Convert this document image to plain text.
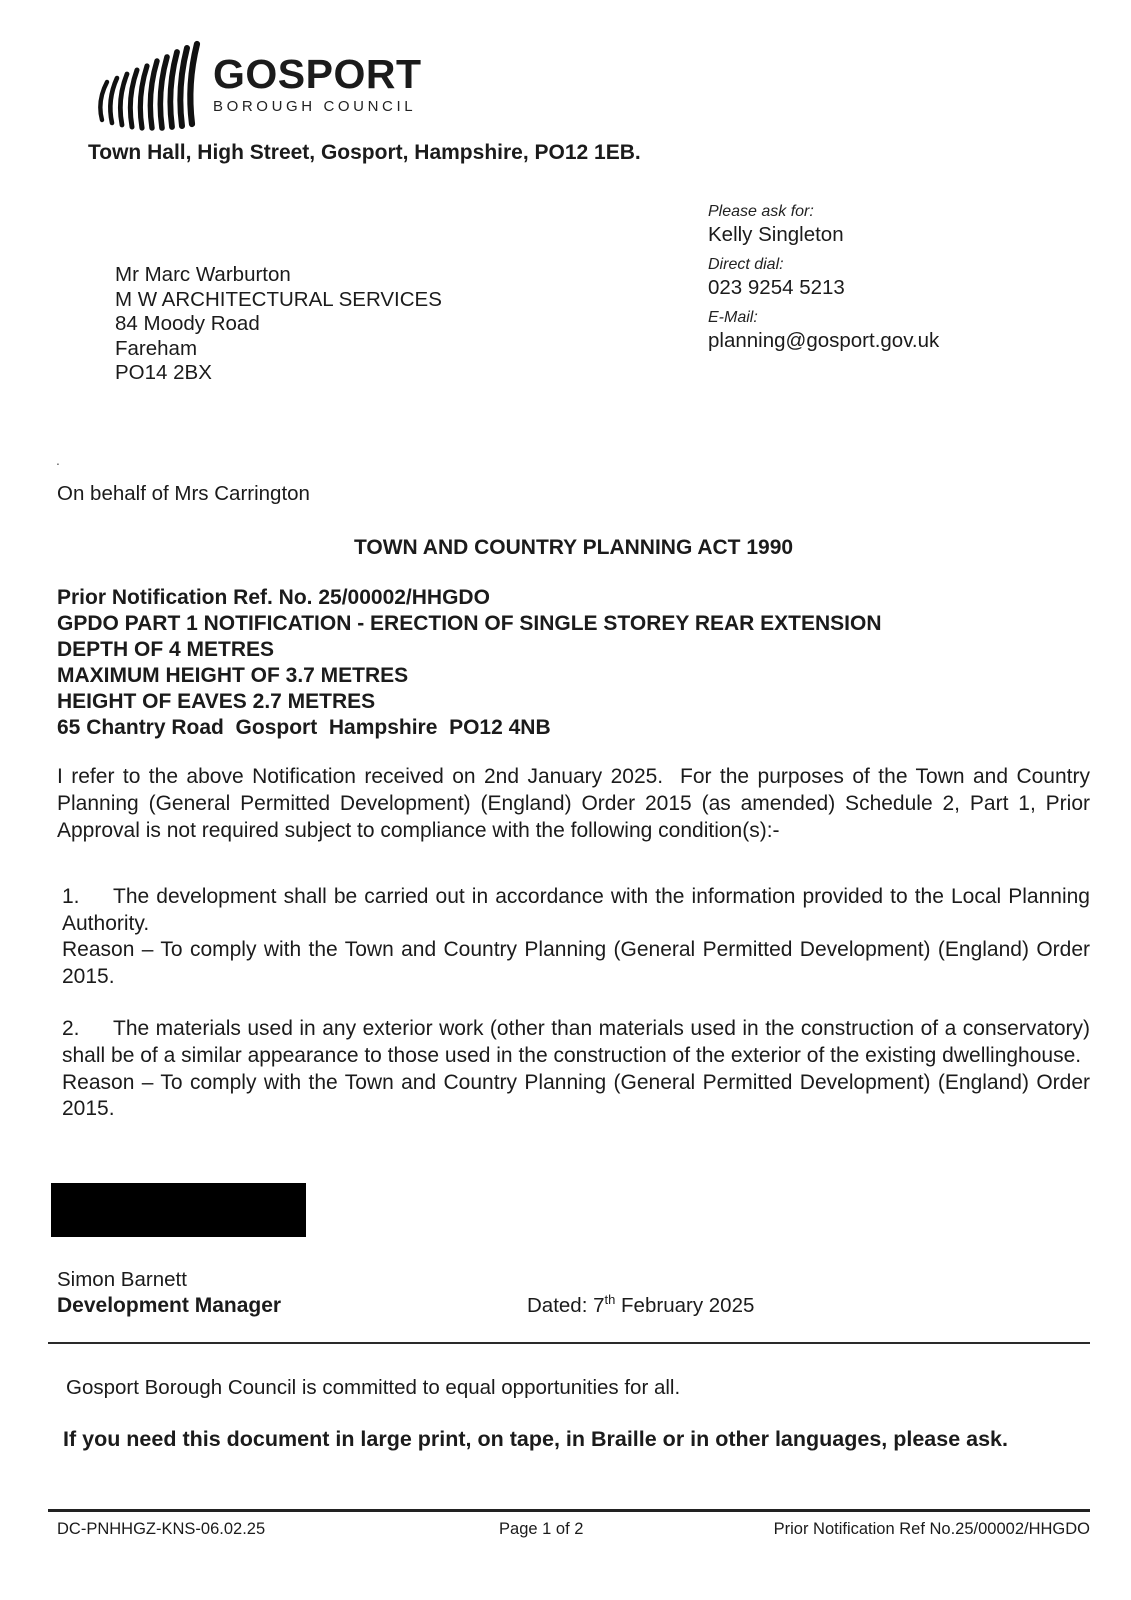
GOSPORT
BOROUGH COUNCIL
Town Hall, High Street, Gosport, Hampshire, PO12 1EB.
Mr Marc Warburton
M W ARCHITECTURAL SERVICES
84 Moody Road
Fareham
PO14 2BX
Please ask for:
Kelly Singleton
Direct dial:
023 9254 5213
E-Mail:
planning@gosport.gov.uk
.
On behalf of Mrs Carrington
TOWN AND COUNTRY PLANNING ACT 1990
Prior Notification Ref. No. 25/00002/HHGDO
GPDO PART 1 NOTIFICATION - ERECTION OF SINGLE STOREY REAR EXTENSION
DEPTH OF 4 METRES
MAXIMUM HEIGHT OF 3.7 METRES
HEIGHT OF EAVES 2.7 METRES
65 Chantry Road  Gosport  Hampshire  PO12 4NB
I refer to the above Notification received on 2nd January 2025.  For the purposes of the Town and Country Planning (General Permitted Development) (England) Order 2015 (as amended) Schedule 2, Part 1, Prior Approval is not required subject to compliance with the following condition(s):-

1. The development shall be carried out in accordance with the information provided to the Local Planning Authority.

Reason – To comply with the Town and Country Planning (General Permitted Development) (England) Order 2015.

2. The materials used in any exterior work (other than materials used in the construction of a conservatory) shall be of a similar appearance to those used in the construction of the exterior of the existing dwellinghouse.

Reason – To comply with the Town and Country Planning (General Permitted Development) (England) Order 2015.

Simon Barnett
Development Manager	Dated: 7th February 2025
Gosport Borough Council is committed to equal opportunities for all.
If you need this document in large print, on tape, in Braille or in other languages, please ask.
DC-PNHHGZ-KNS-06.02.25	Page 1 of 2	Prior Notification Ref No.25/00002/HHGDO
